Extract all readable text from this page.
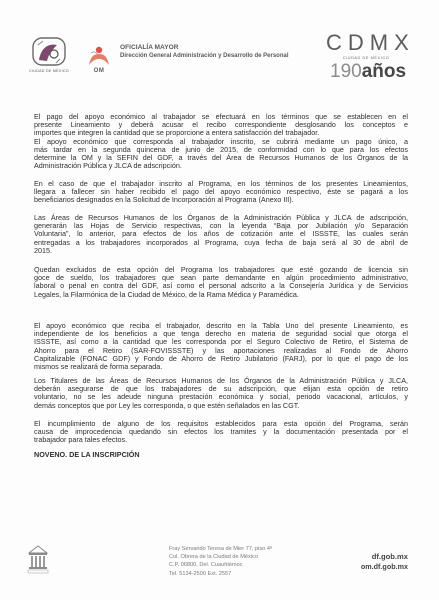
CIUDAD DE MÉXICO	OM
OFICIALÍA MAYOR
Dirección General Administración y Desarrollo de Personal
CDMX
CIUDAD DE MÉXICO
190años
NOVENO. DE LA INSCRIPCIÓN
El pago del apoyo económico al trabajador se efectuará en los términos que se establecen en el
presente Lineamiento y deberá acusar el recibo correspondiente desglosando los conceptos e
importes que integren la cantidad que se proporcione a entera satisfacción del trabajador.
El apoyo económico que corresponda al trabajador inscrito, se cubrirá mediante un pago único, a
más tardar en la segunda quincena de junio de 2015, de conformidad con lo que para los efectos
determine la OM y la SEFIN del GDF, a través del Área de Recursos Humanos de los Órganos de la
Administración Pública y JLCA de adscripción.
En el caso de que el trabajador inscrito al Programa, en los términos de los presentes Lineamientos,
llegara a fallecer sin haber recibido el pago del apoyo económico respectivo, éste se pagará a los
beneficiarios designados en la Solicitud de Incorporación al Programa (Anexo III).
Las Áreas de Recursos Humanos de los Órganos de la Administración Pública y JLCA de adscripción,
generarán las Hojas de Servicio respectivas, con la leyenda “Baja por Jubilación y/o Separación
Voluntaria”, lo anterior, para efectos de los años de cotización ante el ISSSTE, las cuales serán
entregadas a los trabajadores incorporados al Programa, cuya fecha de baja será al 30 de abril de
2015.
Quedan excluidos de esta opción del Programa los trabajadores que esté gozando de licencia sin
goce de sueldo, los trabajadores que sean parte demandante en algún procedimiento administrativo,
laboral o penal en contra del GDF, así como el personal adscrito a la Consejería Jurídica y de Servicios
Legales, la Filarmónica de la Ciudad de México, de la Rama Médica y Paramédica.
El apoyo económico que reciba el trabajador, descrito en la Tabla Uno del presente Lineamiento, es
independiente de los beneficios a que tenga derecho en materia de seguridad social que otorga el
ISSSTE, así como a la cantidad que les corresponda por el Seguro Colectivo de Retiro, el Sistema de
Ahorro para el Retiro (SAR-FOVISSSTE) y las aportaciones realizadas al Fondo de Ahorro
Capitalizable (FONAC GDF) y Fondo de Ahorro de Retiro Jubilatorio (FARJ), por lo que el pago de los
mismos se realizará de forma separada.
Los Titulares de las Áreas de Recursos Humanos de los Órganos de la Administración Pública y JLCA,
deberán asegurarse de que los trabajadores de su adscripción, que elijan esta opción de retiro
voluntario, no se les adeude ninguna prestación económica y social, periodo vacacional, artículos, y
demás conceptos que por Ley les corresponda, o que estén señalados en las CGT.
El incumplimiento de alguno de los requisitos establecidos para esta opción del Programa, serán
causa de improcedencia quedando sin efectos los tramites y la documentación presentada por el
trabajador para tales efectos.
Fray Servando Teresa de Mier 77, piso 4º
Col. Obrera de la Ciudad de México
C.P. 06800, Del. Cuauhtémoc
Tel. 5134-2500 Ext. 2557
df.gob.mx
om.df.gob.mx
